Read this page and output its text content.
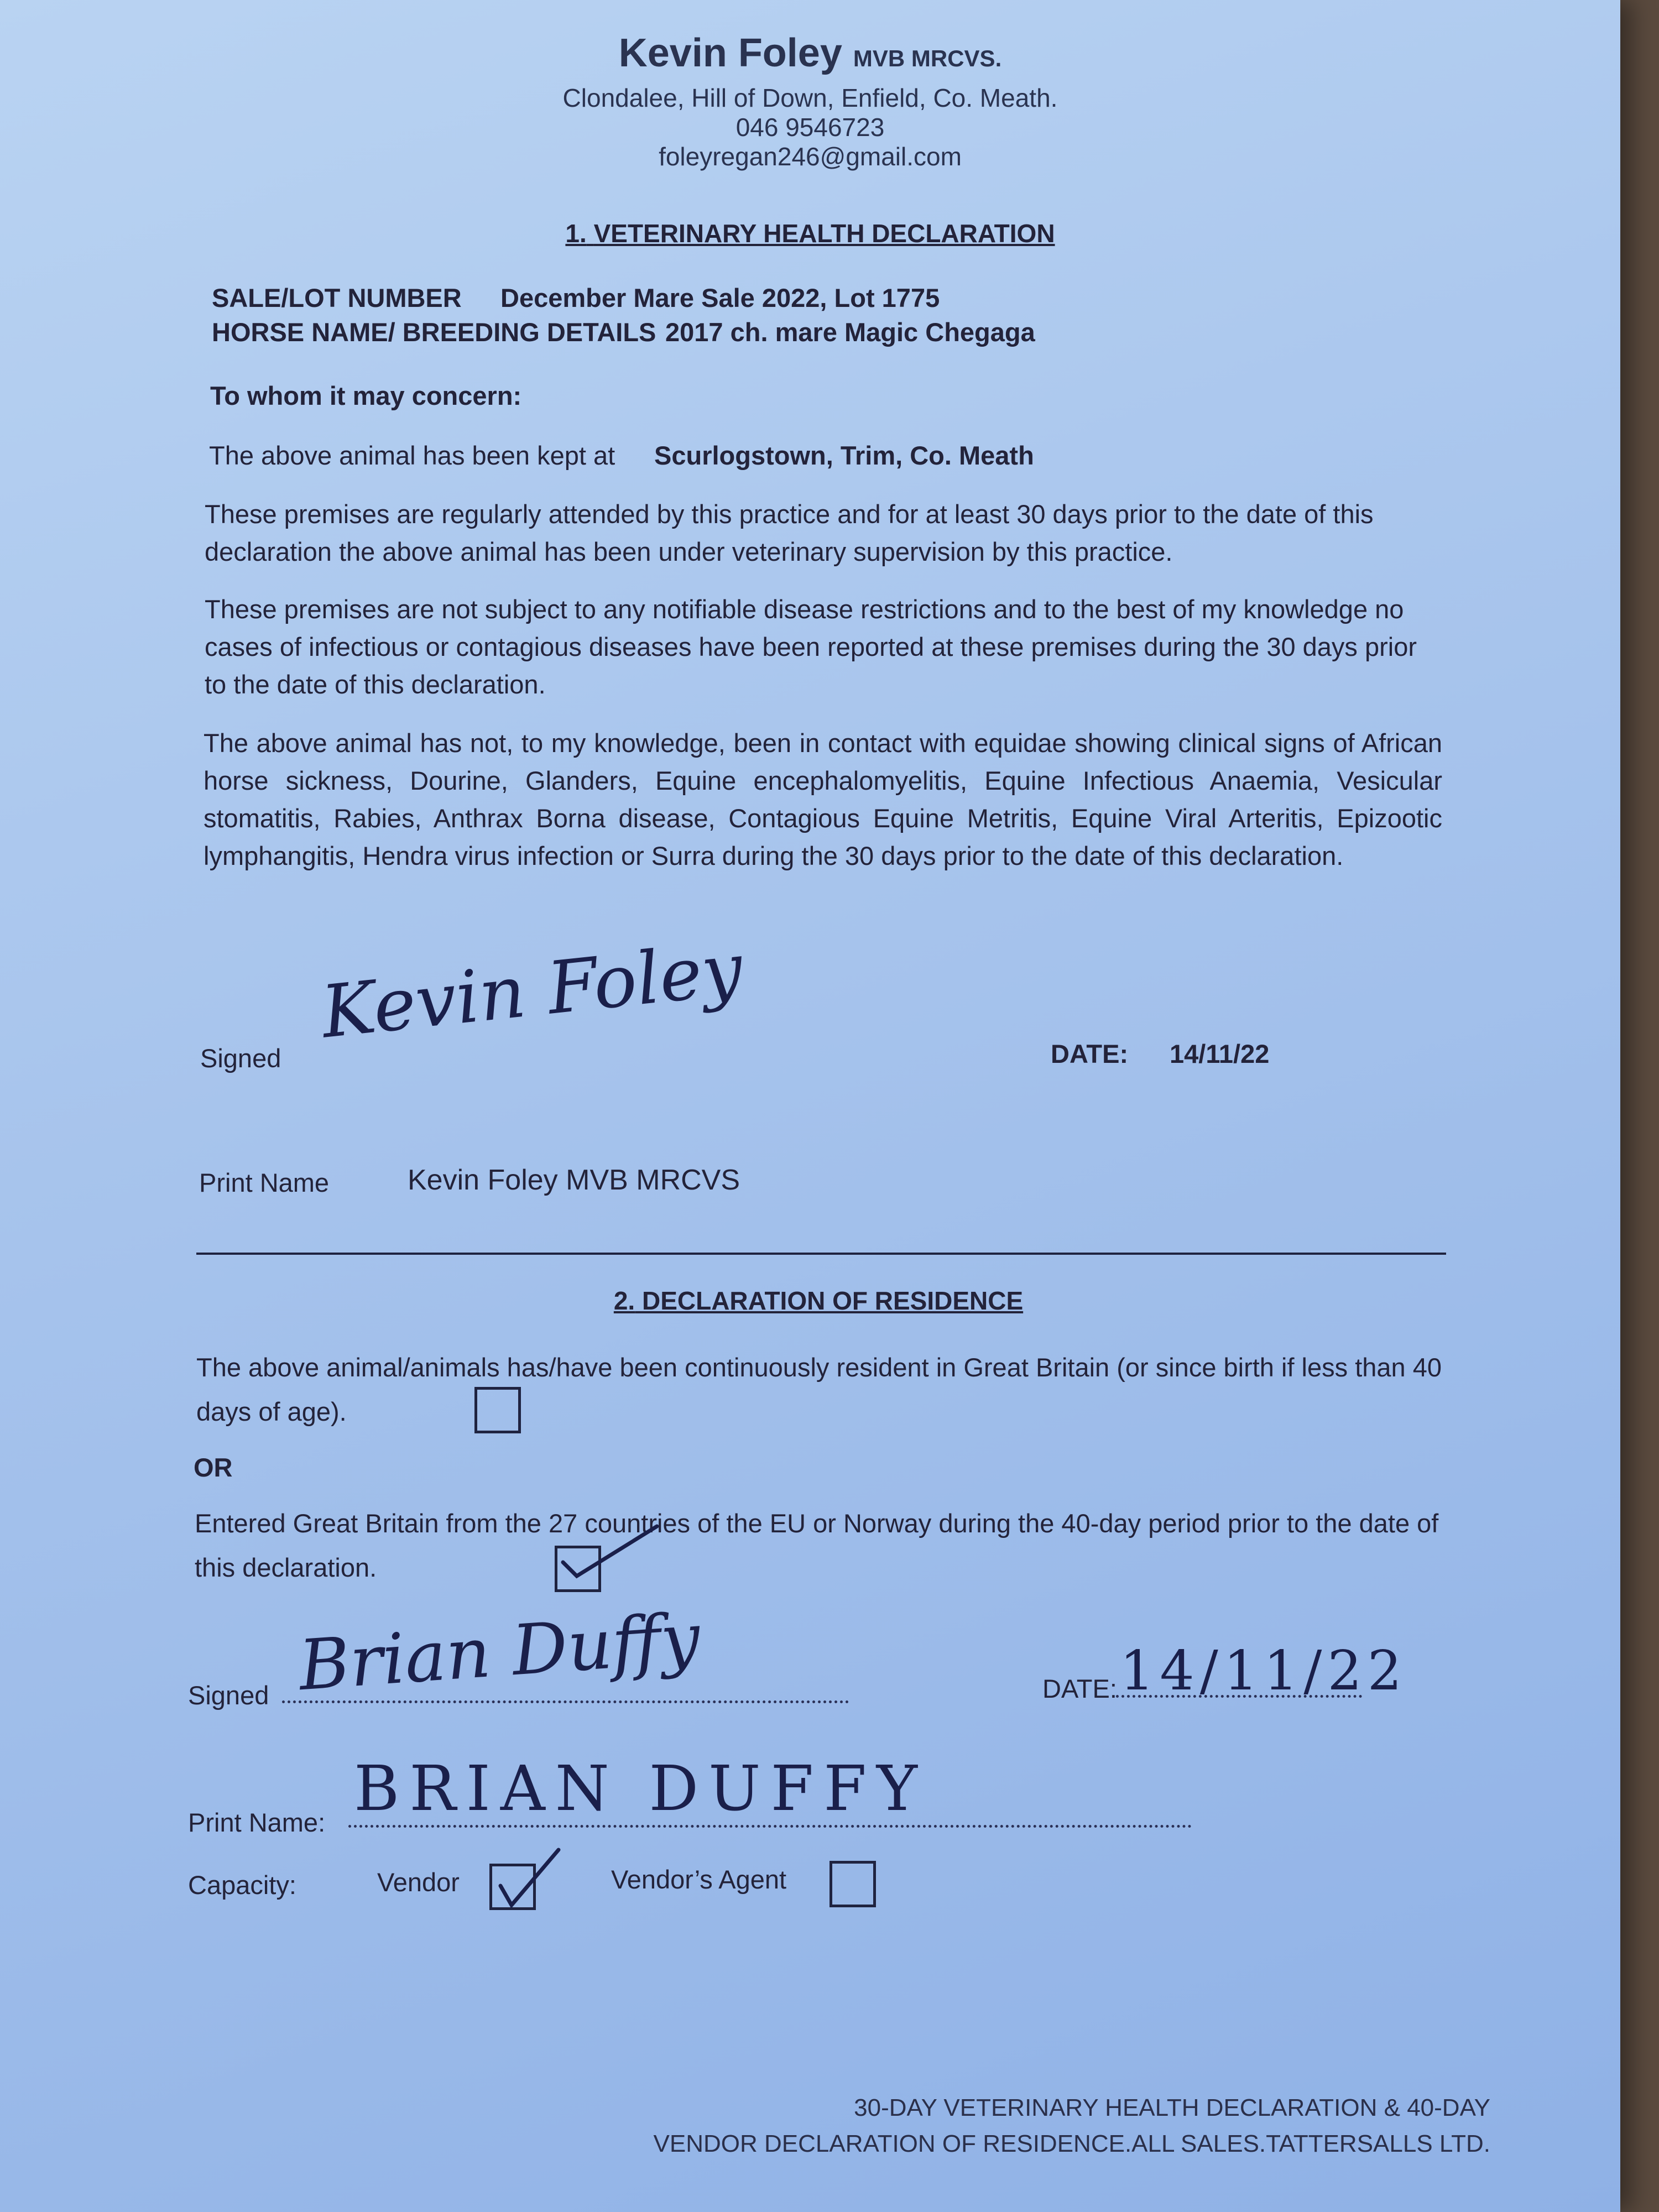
Kevin Foley MVB MRCVS.
Clondalee, Hill of Down, Enfield, Co. Meath.
046 9546723
foleyregan246@gmail.com
1. VETERINARY HEALTH DECLARATION
SALE/LOT NUMBER December Mare Sale 2022, Lot 1775
HORSE NAME/ BREEDING DETAILS 2017 ch. mare Magic Chegaga
To whom it may concern:
The above animal has been kept at Scurlogstown, Trim, Co. Meath
These premises are regularly attended by this practice and for at least 30 days prior to the date of this declaration the above animal has been under veterinary supervision by this practice.
These premises are not subject to any notifiable disease restrictions and to the best of my knowledge no cases of infectious or contagious diseases have been reported at these premises during the 30 days prior to the date of this declaration.
The above animal has not, to my knowledge, been in contact with equidae showing clinical signs of African horse sickness, Dourine, Glanders, Equine encephalomyelitis, Equine Infectious Anaemia, Vesicular stomatitis, Rabies, Anthrax Borna disease, Contagious Equine Metritis, Equine Viral Arteritis, Epizootic lymphangitis, Hendra virus infection or Surra during the 30 days prior to the date of this declaration.
Signed
Kevin Foley	DATE: 14/11/22
Print Name	Kevin Foley MVB MRCVS
2. DECLARATION OF RESIDENCE
The above animal/animals has/have been continuously resident in Great Britain (or since birth if less than 40 days of age).
OR
Entered Great Britain from the 27 countries of the EU or Norway during the 40-day period prior to the date of this declaration.
Signed Brian Duffy	DATE: 14/11/22
Print Name: BRIAN DUFFY
Capacity:	Vendor	Vendor’s Agent
30-DAY VETERINARY HEALTH DECLARATION & 40-DAY
VENDOR DECLARATION OF RESIDENCE.ALL SALES.TATTERSALLS LTD.
